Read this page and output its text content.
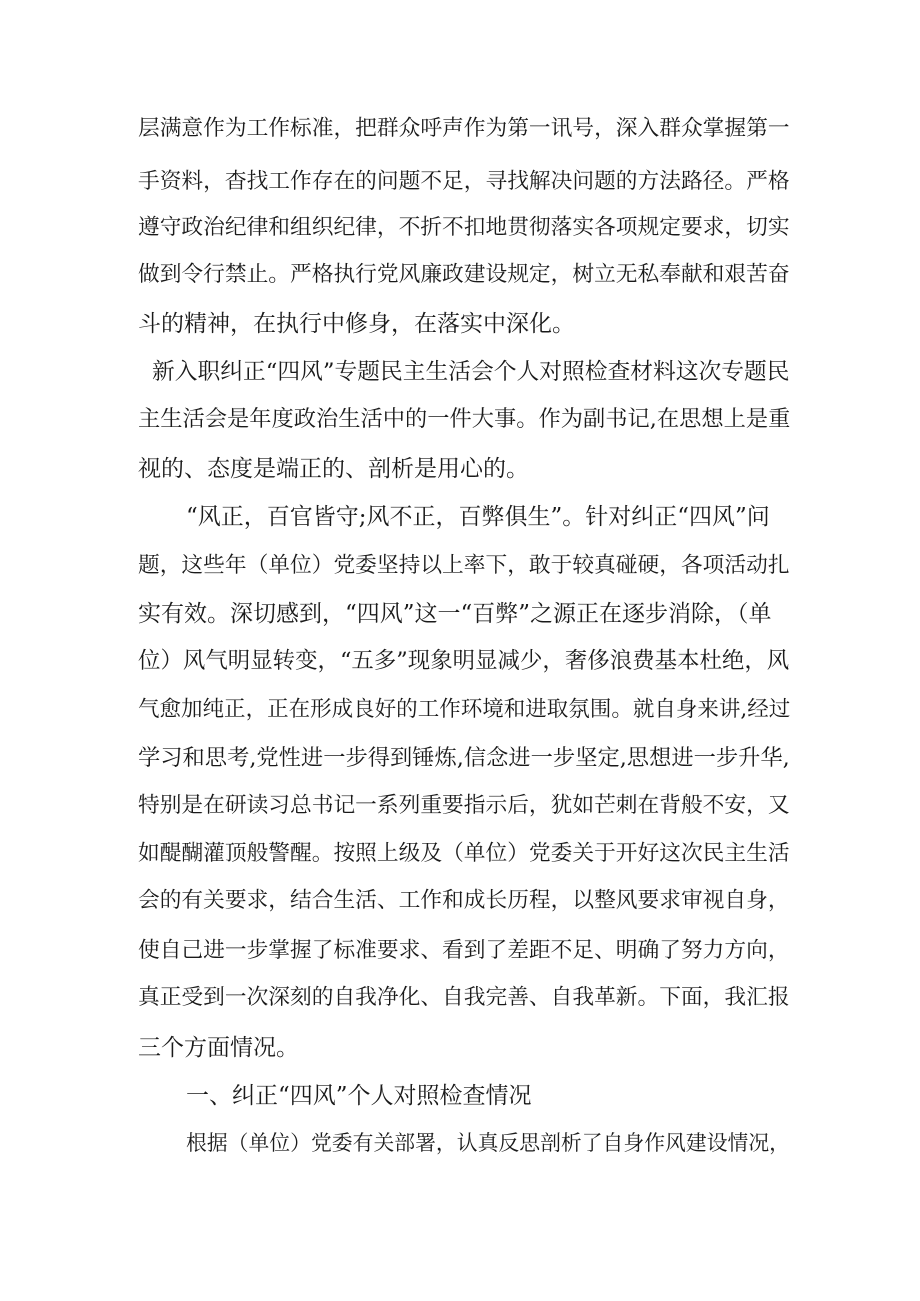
层满意作为工作标准，把群众呼声作为第一讯号，深入群众掌握第一
手资料，杳找工作存在的问题不足，寻找解决问题的方法路径。严格
遵守政治纪律和组织纪律，不折不扣地贯彻落实各项规定要求，切实
做到令行禁止。严格执行党风廉政建设规定，树立无私奉献和艰苦奋
斗的精神，在执行中修身，在落实中深化。
新入职纠正“四风”专题民主生活会个人对照检查材料这次专题民
主生活会是年度政治生活中的一件大事。作为副书记,在思想上是重
视的、态度是端正的、剖析是用心的。
“风正，百官皆守;风不正，百弊俱生”。针对纠正“四风”问
题，这些年（单位）党委坚持以上率下，敢于较真碰硬，各项活动扎
实有效。深切感到，“四风”这一“百弊”之源正在逐步消除，（单
位）风气明显转变，“五多”现象明显减少，奢侈浪费基本杜绝，风
气愈加纯正，正在形成良好的工作环境和进取氛围。就自身来讲,经过
学习和思考,党性进一步得到锤炼,信念进一步坚定,思想进一步升华,
特别是在研读习总书记一系列重要指示后，犹如芒刺在背般不安，又
如醍醐灌顶般警醒。按照上级及（单位）党委关于开好这次民主生活
会的有关要求，结合生活、工作和成长历程，以整风要求审视自身，
使自己进一步掌握了标准要求、看到了差距不足、明确了努力方向，
真正受到一次深刻的自我净化、自我完善、自我革新。下面，我汇报
三个方面情况。
一、纠正“四风”个人对照检查情况
根据（单位）党委有关部署，认真反思剖析了自身作风建设情况，
